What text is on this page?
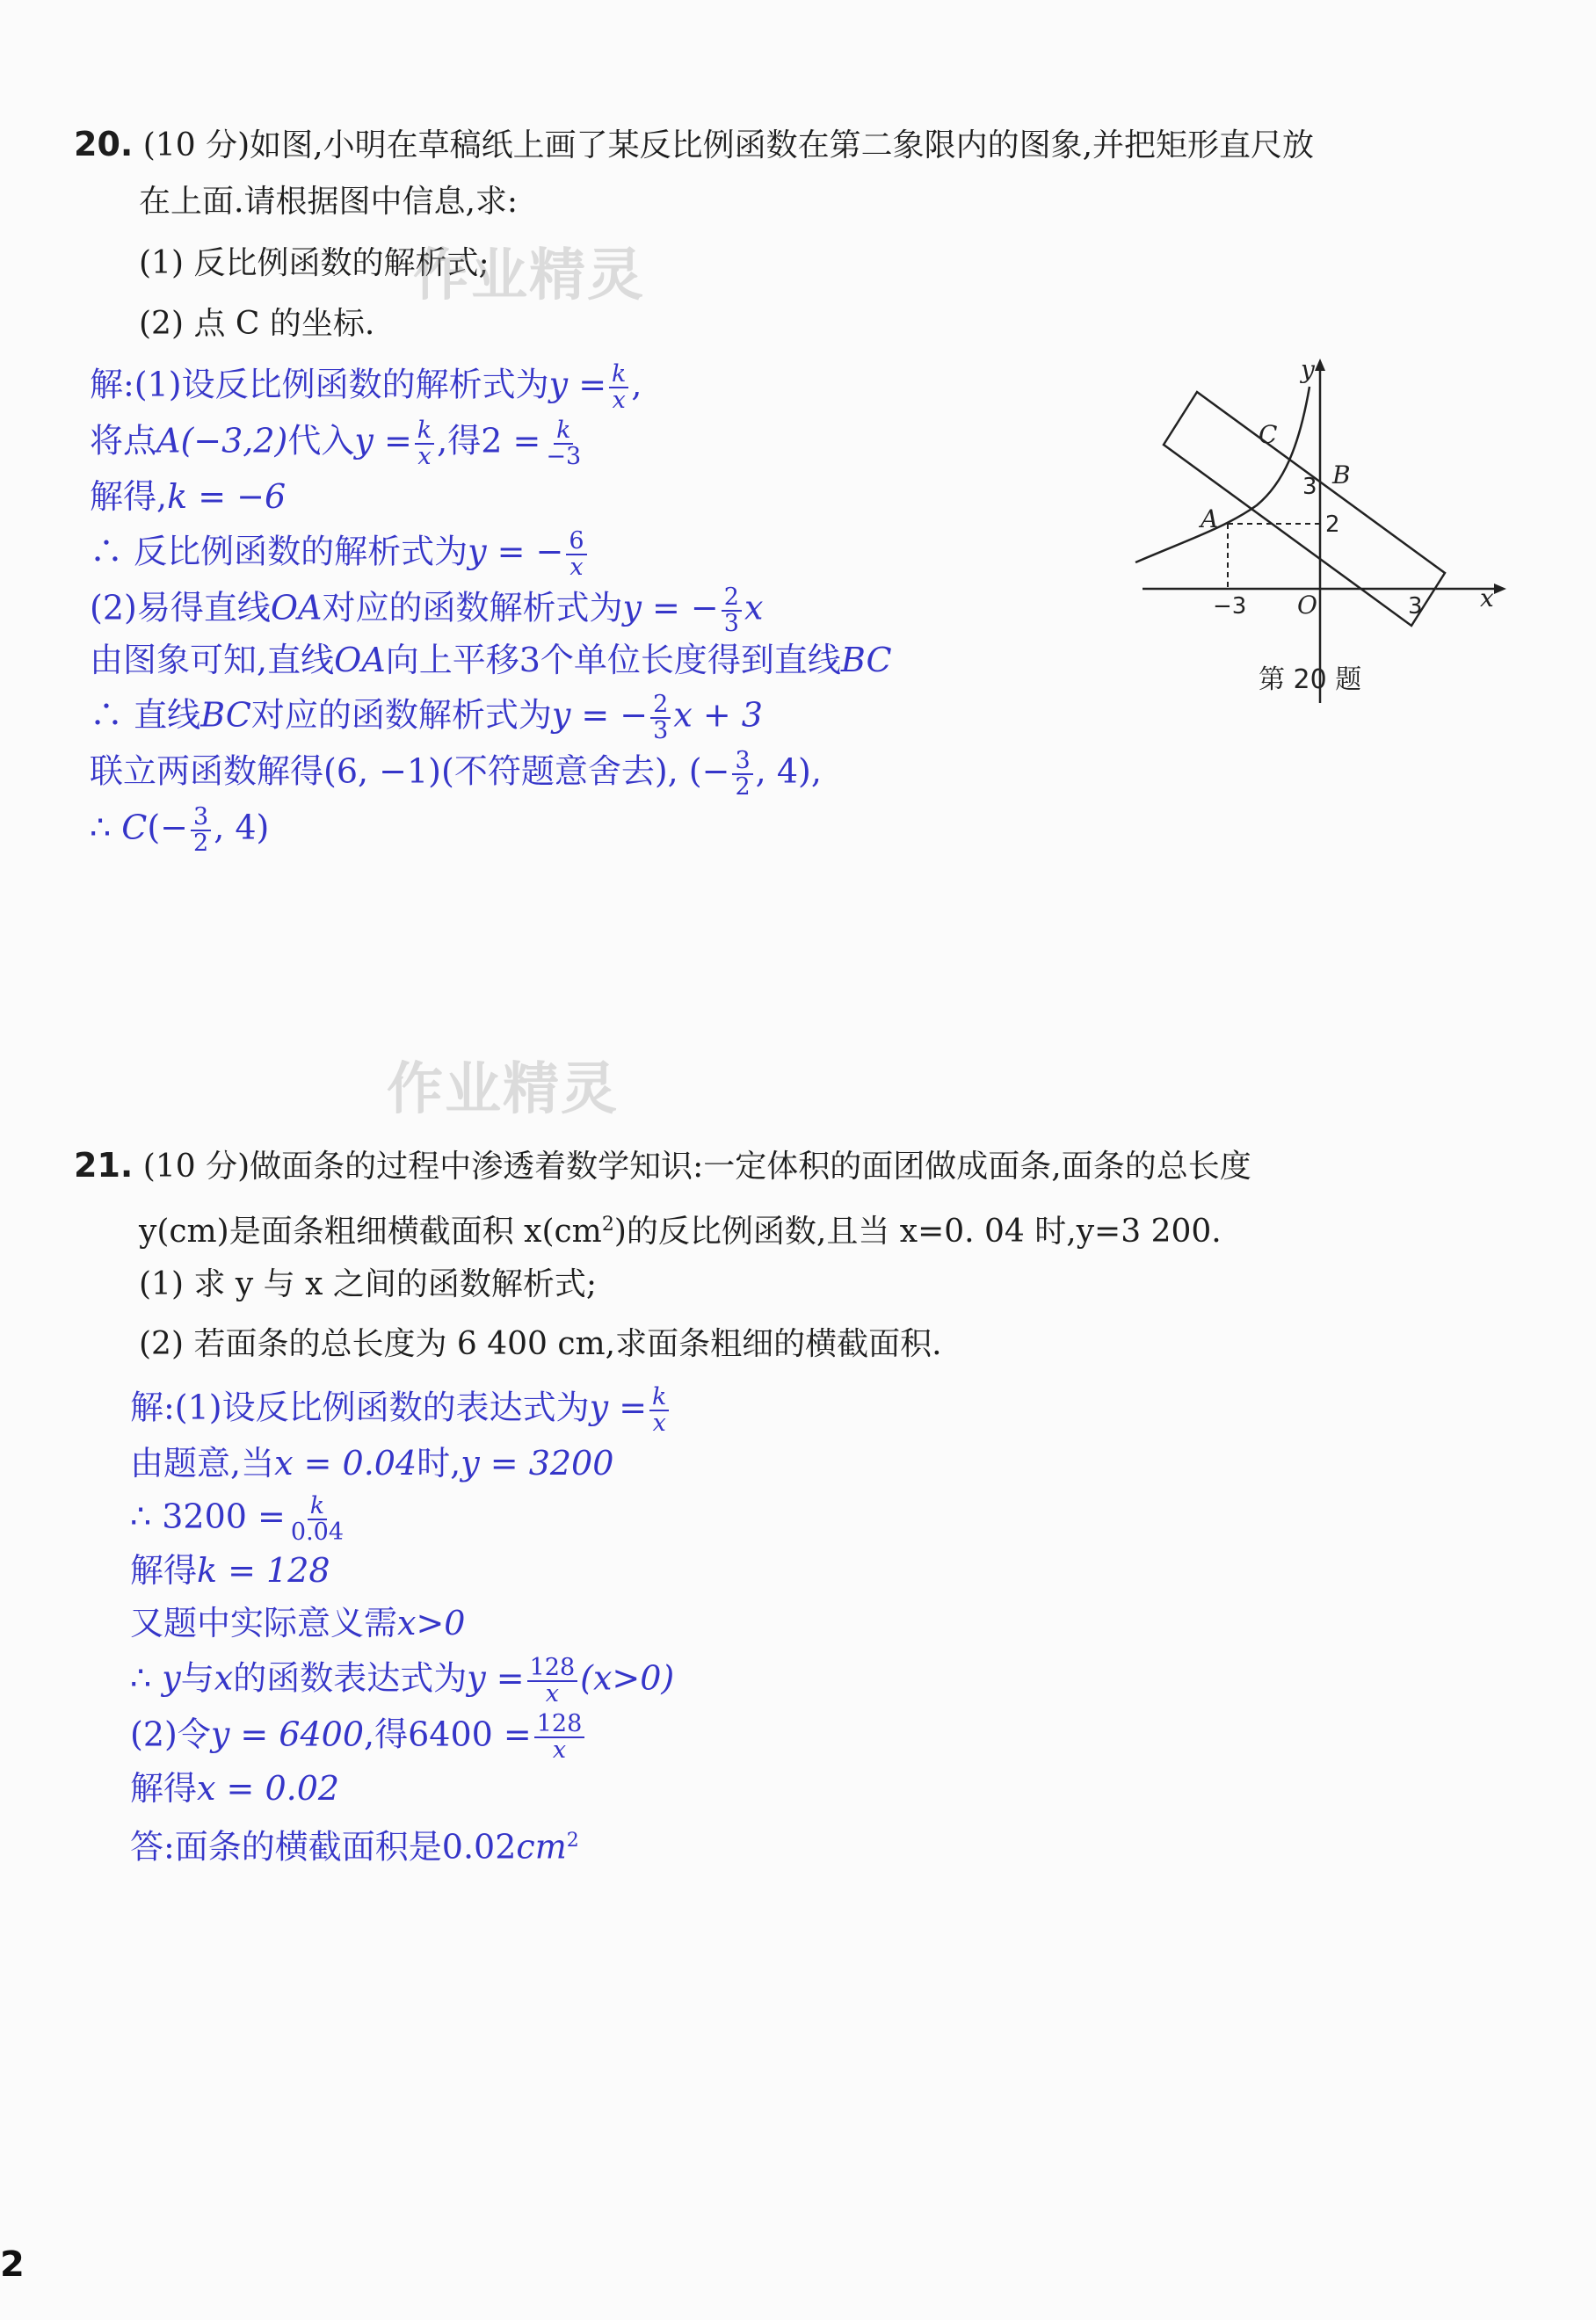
20. (10 分)如图,小明在草稿纸上画了某反比例函数在第二象限内的图象,并把矩形直尺放
在上面.请根据图中信息,求:
(1) 反比例函数的解析式;
(2) 点 C 的坐标.
解:(1)设反比例函数的解析式为$y = \frac{k}{x}$ ,
将点A(−3,2)代入$y = \frac{k}{x}$ ,得$2 = \frac{k}{-3}$
解得,k = −6
∴ 反比例函数的解析式为y = − $\frac{6}{x}$
(2)易得直线OA对应的函数解析式为y = − $\frac{2}{3}$ x
由图象可知,直线OA向上平移3个单位长度得到直线BC
∴ 直线BC对应的函数解析式为y = − $\frac{2}{3}$ x + 3
联立两函数解得(6, −1)(不符题意舍去), (− $\frac{3}{2}$ , 4),
∴ $C(- \frac{3}{2}$ , 4)
y
x
C
B
A
O
3
2
−3	3
第 20 题
作业精灵
作业精灵
21. (10 分)做面条的过程中渗透着数学知识:一定体积的面团做成面条,面条的总长度
y(cm)是面条粗细横截面积 $x(cm^2)$的反比例函数,且当 x=0. 04 时,y=3 200.
(1) 求 y 与 x 之间的函数解析式;
(2) 若面条的总长度为 6 400 cm,求面条粗细的横截面积.
解:(1)设反比例函数的表达式为$y = \frac{k}{x}$
由题意,当x = 0.04时,y = 3200
∴ $3200 = \frac{k}{0.04}$
解得k = 128
又题中实际意义需x>0
∴ y与x的函数表达式为$y = \frac{128}{x} (x>0)$
(2)令y = 6400,得$6400 = \frac{128}{x}$
解得x = 0.02
答:面条的横截面积是$0.02cm^2$
2
